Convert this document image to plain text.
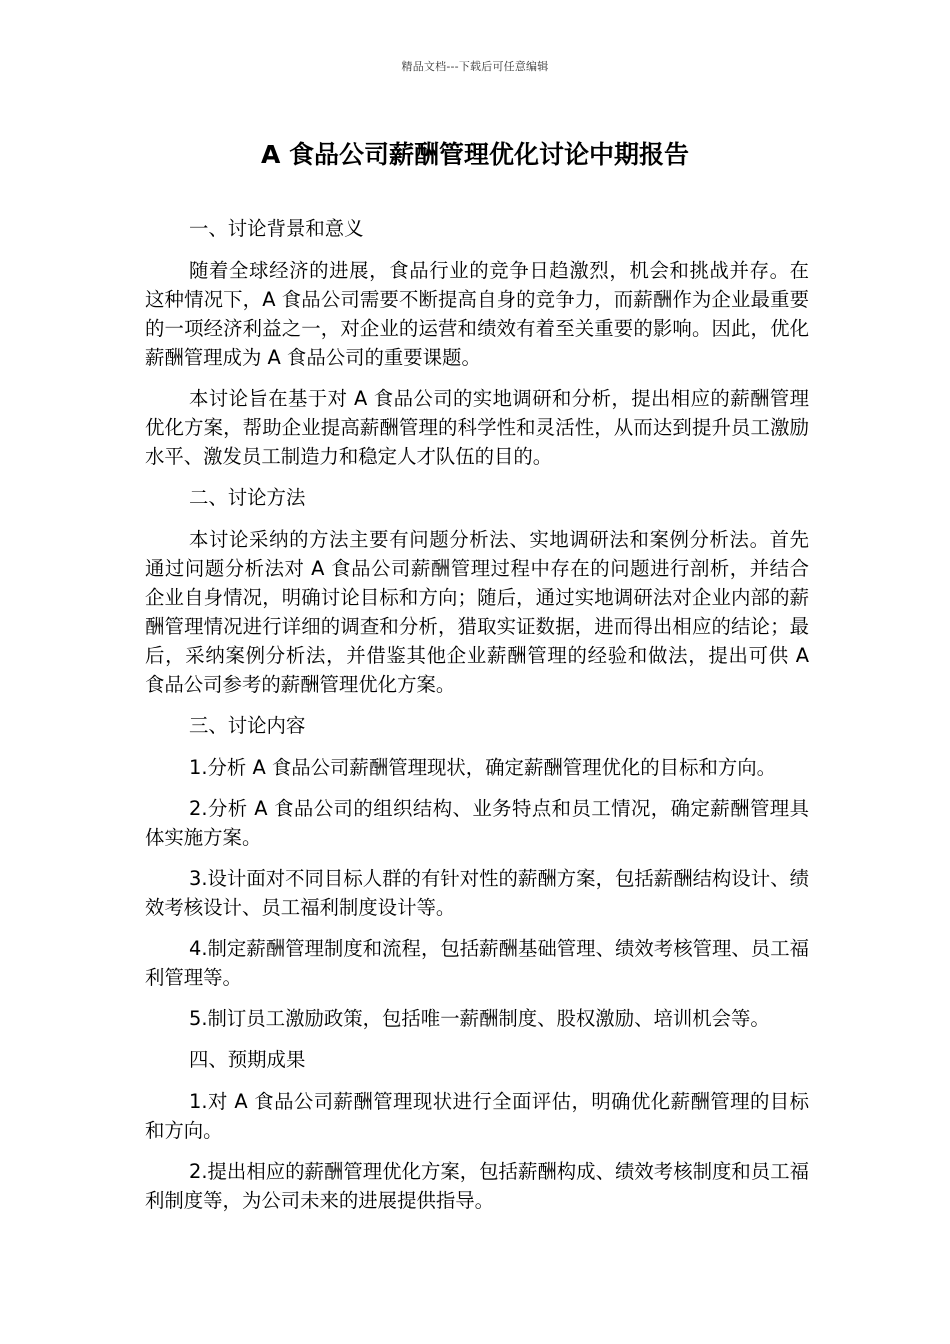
精品文档---下载后可任意编辑
A 食品公司薪酬管理优化讨论中期报告

一、讨论背景和意义

随着全球经济的进展，食品行业的竞争日趋激烈，机会和挑战并存。在这种情况下，A 食品公司需要不断提高自身的竞争力，而薪酬作为企业最重要的一项经济利益之一，对企业的运营和绩效有着至关重要的影响。因此，优化薪酬管理成为 A 食品公司的重要课题。

本讨论旨在基于对 A 食品公司的实地调研和分析，提出相应的薪酬管理优化方案，帮助企业提高薪酬管理的科学性和灵活性，从而达到提升员工激励水平、激发员工制造力和稳定人才队伍的目的。

二、讨论方法

本讨论采纳的方法主要有问题分析法、实地调研法和案例分析法。首先通过问题分析法对 A 食品公司薪酬管理过程中存在的问题进行剖析，并结合企业自身情况，明确讨论目标和方向；随后，通过实地调研法对企业内部的薪酬管理情况进行详细的调查和分析，猎取实证数据，进而得出相应的结论；最后，采纳案例分析法，并借鉴其他企业薪酬管理的经验和做法，提出可供 A 食品公司参考的薪酬管理优化方案。

三、讨论内容

1.分析 A 食品公司薪酬管理现状，确定薪酬管理优化的目标和方向。

2.分析 A 食品公司的组织结构、业务特点和员工情况，确定薪酬管理具体实施方案。

3.设计面对不同目标人群的有针对性的薪酬方案，包括薪酬结构设计、绩效考核设计、员工福利制度设计等。

4.制定薪酬管理制度和流程，包括薪酬基础管理、绩效考核管理、员工福利管理等。

5.制订员工激励政策，包括唯一薪酬制度、股权激励、培训机会等。

四、预期成果

1.对 A 食品公司薪酬管理现状进行全面评估，明确优化薪酬管理的目标和方向。

2.提出相应的薪酬管理优化方案，包括薪酬构成、绩效考核制度和员工福利制度等，为公司未来的进展提供指导。
